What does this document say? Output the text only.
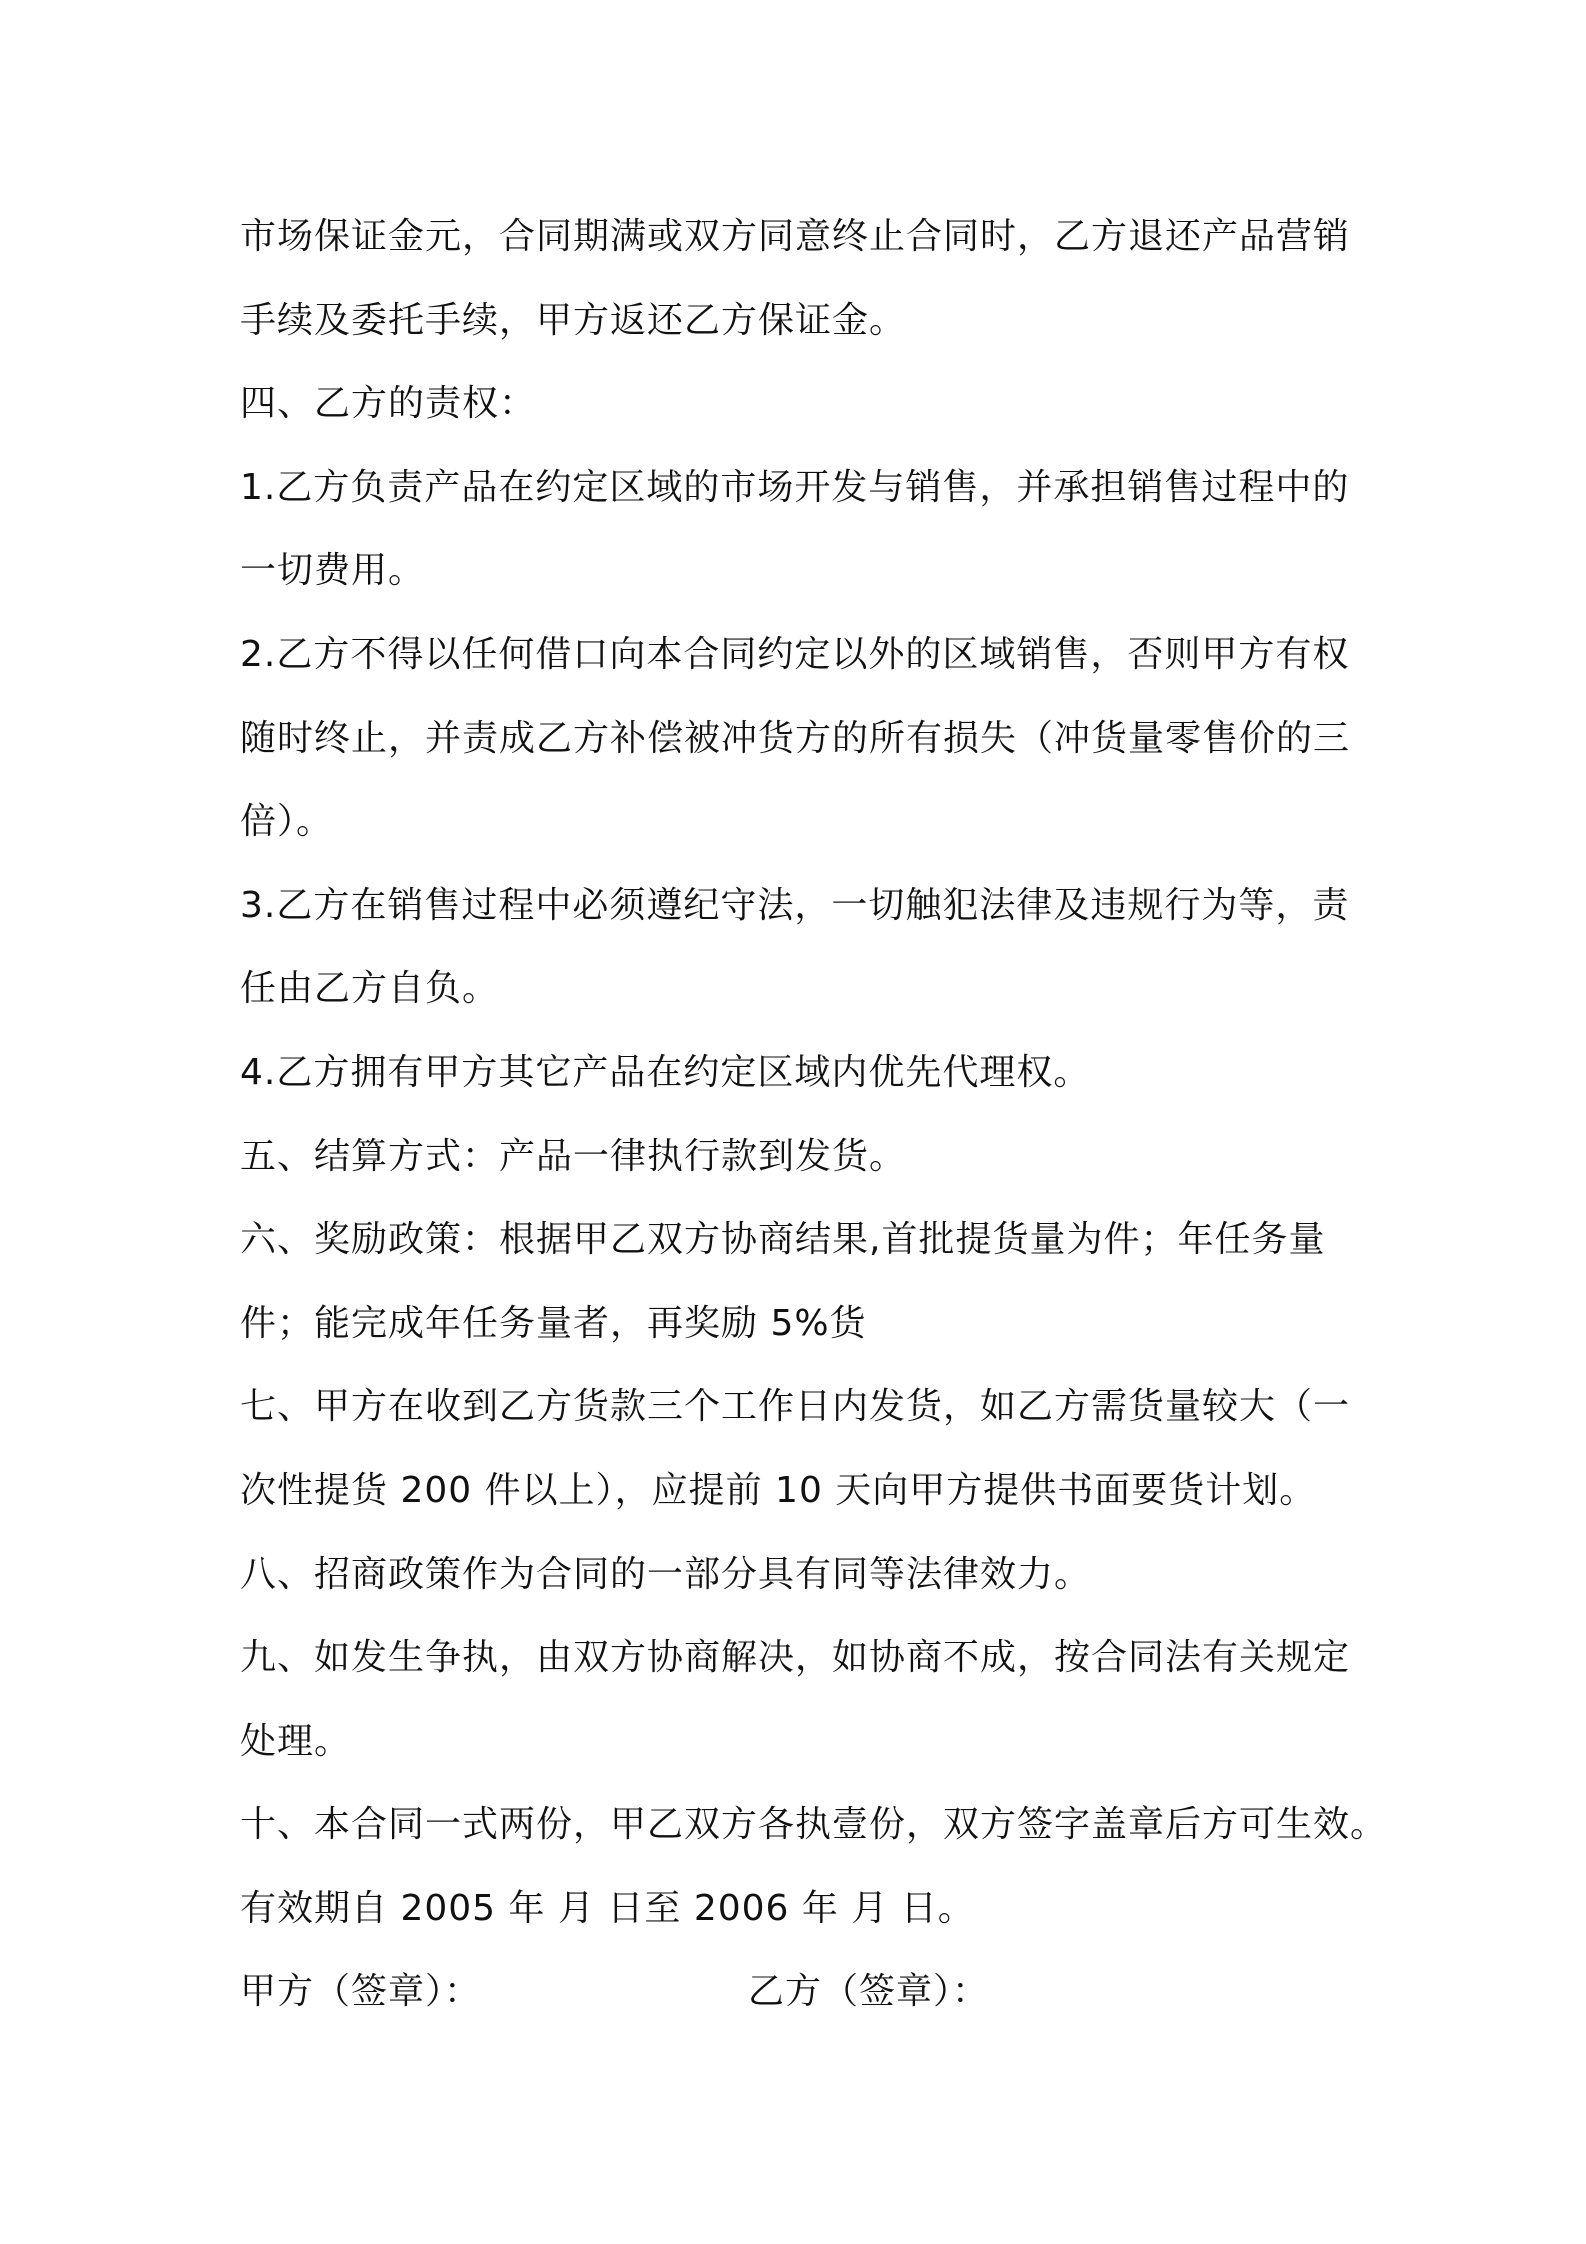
市场保证金元，合同期满或双方同意终止合同时，乙方退还产品营销
手续及委托手续，甲方返还乙方保证金。
四、乙方的责权：
1.乙方负责产品在约定区域的市场开发与销售，并承担销售过程中的
一切费用。
2.乙方不得以任何借口向本合同约定以外的区域销售，否则甲方有权
随时终止，并责成乙方补偿被冲货方的所有损失（冲货量零售价的三
倍）。
3.乙方在销售过程中必须遵纪守法，一切触犯法律及违规行为等，责
任由乙方自负。
4.乙方拥有甲方其它产品在约定区域内优先代理权。
五、结算方式：产品一律执行款到发货。
六、奖励政策：根据甲乙双方协商结果,首批提货量为件；年任务量
件；能完成年任务量者，再奖励 5%货
七、甲方在收到乙方货款三个工作日内发货，如乙方需货量较大（一
次性提货 200 件以上），应提前 10 天向甲方提供书面要货计划。
八、招商政策作为合同的一部分具有同等法律效力。
九、如发生争执，由双方协商解决，如协商不成，按合同法有关规定
处理。
十、本合同一式两份，甲乙双方各执壹份，双方签字盖章后方可生效。
有效期自 2005 年 月 日至 2006 年 月 日。
甲方（签章）：	乙方（签章）：
